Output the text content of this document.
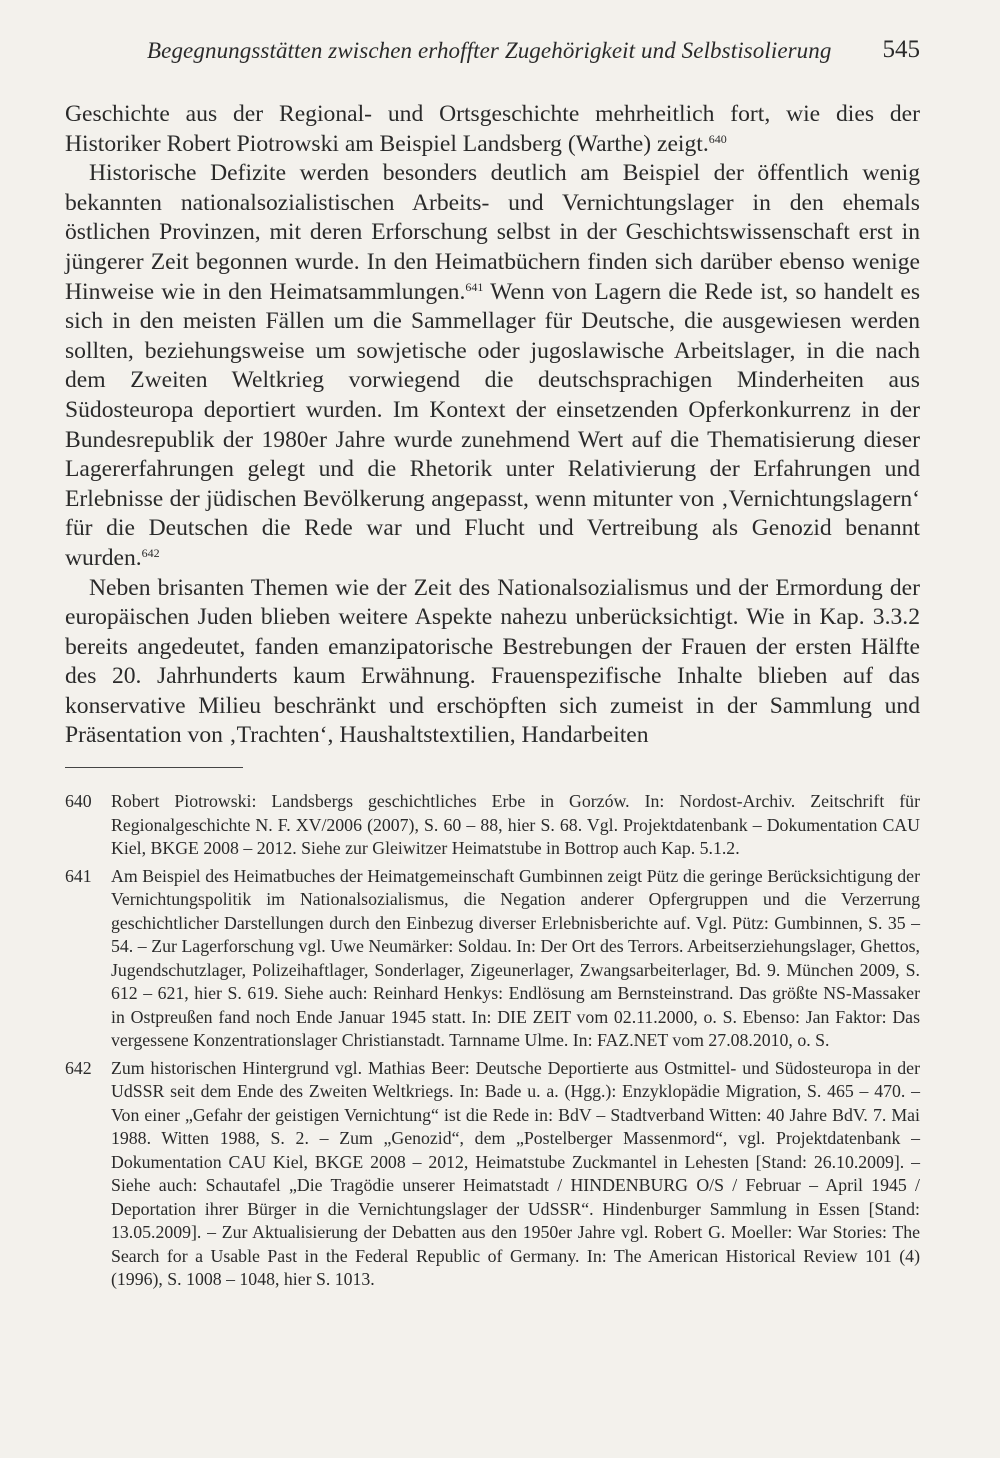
Begegnungsstätten zwischen erhoffter Zugehörigkeit und Selbstisolierung 545

Geschichte aus der Regional- und Ortsgeschichte mehrheitlich fort, wie dies der Historiker Robert Piotrowski am Beispiel Landsberg (Warthe) zeigt.$^{640}$

Historische Defizite werden besonders deutlich am Beispiel der öffentlich wenig bekannten nationalsozialistischen Arbeits- und Vernichtungslager in den ehemals östlichen Provinzen, mit deren Erforschung selbst in der Geschichtswissenschaft erst in jüngerer Zeit begonnen wurde. In den Heimatbüchern finden sich darüber ebenso wenige Hinweise wie in den Heimatsammlungen.$^{641}$ Wenn von Lagern die Rede ist, so handelt es sich in den meisten Fällen um die Sammellager für Deutsche, die ausgewiesen werden sollten, beziehungsweise um sowjetische oder jugoslawische Arbeitslager, in die nach dem Zweiten Weltkrieg vorwiegend die deutschsprachigen Minderheiten aus Südosteuropa deportiert wurden. Im Kontext der einsetzenden Opferkonkurrenz in der Bundesrepublik der 1980er Jahre wurde zunehmend Wert auf die Thematisierung dieser Lagererfahrungen gelegt und die Rhetorik unter Relativierung der Erfahrungen und Erlebnisse der jüdischen Bevölkerung angepasst, wenn mitunter von ‚Vernichtungslagern‘ für die Deutschen die Rede war und Flucht und Vertreibung als Genozid benannt wurden.$^{642}$

Neben brisanten Themen wie der Zeit des Nationalsozialismus und der Ermordung der europäischen Juden blieben weitere Aspekte nahezu unberücksichtigt. Wie in Kap. 3.3.2 bereits angedeutet, fanden emanzipatorische Bestrebungen der Frauen der ersten Hälfte des 20. Jahrhunderts kaum Erwähnung. Frauenspezifische Inhalte blieben auf das konservative Milieu beschränkt und erschöpften sich zumeist in der Sammlung und Präsentation von ‚Trachten‘, Haushaltstextilien, Handarbeiten

640 Robert Piotrowski: Landsbergs geschichtliches Erbe in Gorzów. In: Nordost-Archiv. Zeitschrift für Regionalgeschichte N. F. XV/2006 (2007), S. 60 – 88, hier S. 68. Vgl. Projektdatenbank – Dokumentation CAU Kiel, BKGE 2008 – 2012. Siehe zur Gleiwitzer Heimatstube in Bottrop auch Kap. 5.1.2.
641 Am Beispiel des Heimatbuches der Heimatgemeinschaft Gumbinnen zeigt Pütz die geringe Berücksichtigung der Vernichtungspolitik im Nationalsozialismus, die Negation anderer Opfergruppen und die Verzerrung geschichtlicher Darstellungen durch den Einbezug diverser Erlebnisberichte auf. Vgl. Pütz: Gumbinnen, S. 35 – 54. – Zur Lagerforschung vgl. Uwe Neumärker: Soldau. In: Der Ort des Terrors. Arbeitserziehungslager, Ghettos, Jugendschutzlager, Polizeihaftlager, Sonderlager, Zigeunerlager, Zwangsarbeiterlager, Bd. 9. München 2009, S. 612 – 621, hier S. 619. Siehe auch: Reinhard Henkys: Endlösung am Bernsteinstrand. Das größte NS-Massaker in Ostpreußen fand noch Ende Januar 1945 statt. In: DIE ZEIT vom 02.11.2000, o. S. Ebenso: Jan Faktor: Das vergessene Konzentrationslager Christianstadt. Tarnname Ulme. In: FAZ.NET vom 27.08.2010, o. S.
642 Zum historischen Hintergrund vgl. Mathias Beer: Deutsche Deportierte aus Ostmittel- und Südosteuropa in der UdSSR seit dem Ende des Zweiten Weltkriegs. In: Bade u. a. (Hgg.): Enzyklopädie Migration, S. 465 – 470. – Von einer „Gefahr der geistigen Vernichtung“ ist die Rede in: BdV – Stadtverband Witten: 40 Jahre BdV. 7. Mai 1988. Witten 1988, S. 2. – Zum „Genozid“, dem „Postelberger Massenmord“, vgl. Projektdatenbank – Dokumentation CAU Kiel, BKGE 2008 – 2012, Heimatstube Zuckmantel in Lehesten [Stand: 26.10.2009]. – Siehe auch: Schautafel „Die Tragödie unserer Heimatstadt / HINDENBURG O/S / Februar – April 1945 / Deportation ihrer Bürger in die Vernichtungslager der UdSSR“. Hindenburger Sammlung in Essen [Stand: 13.05.2009]. – Zur Aktualisierung der Debatten aus den 1950er Jahre vgl. Robert G. Moeller: War Stories: The Search for a Usable Past in the Federal Republic of Germany. In: The American Historical Review 101 (4) (1996), S. 1008 – 1048, hier S. 1013.
